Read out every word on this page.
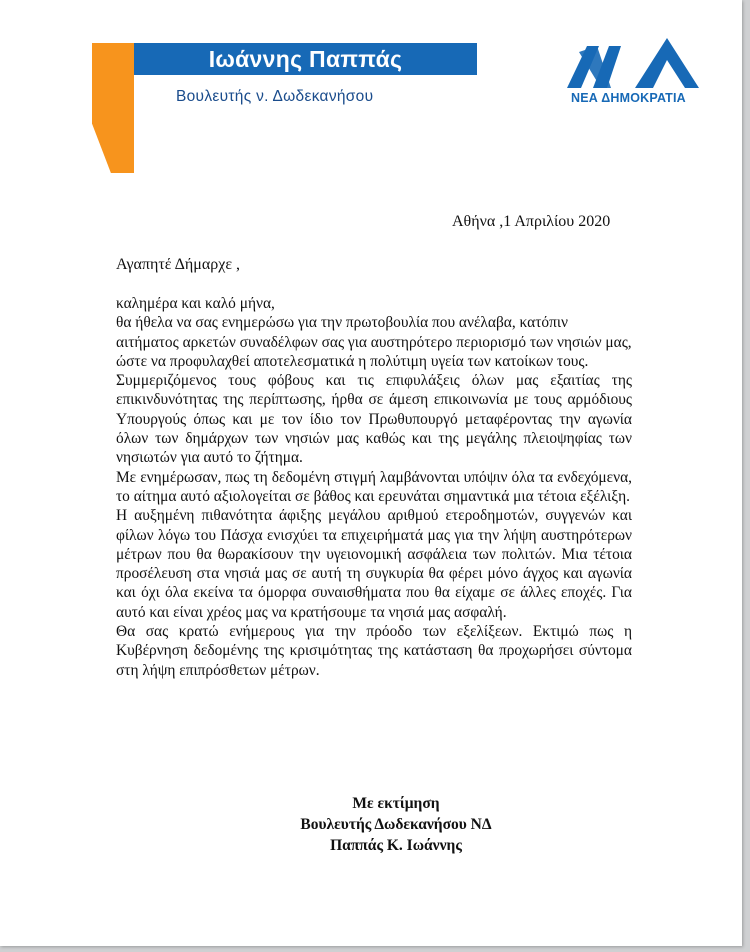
Ιωάννης Παππάς
Βουλευτής ν. Δωδεκανήσου	ΝΕΑ ΔΗΜΟΚΡΑΤΙΑ
Αθήνα ,1 Απριλίου 2020
Αγαπητέ Δήμαρχε ,

καλημέρα και καλό μήνα,

θα ήθελα να σας ενημερώσω για την πρωτοβουλία που ανέλαβα, κατόπιν αιτήματος αρκετών συναδέλφων σας για αυστηρότερο περιορισμό των νησιών μας, ώστε να προφυλαχθεί αποτελεσματικά η πολύτιμη υγεία των κατοίκων τους.

Συμμεριζόμενος τους φόβους και τις επιφυλάξεις όλων μας εξαιτίας της επικινδυνότητας της περίπτωσης, ήρθα σε άμεση επικοινωνία με τους αρμόδιους Υπουργούς όπως και με τον ίδιο τον Πρωθυπουργό μεταφέροντας την αγωνία όλων των δημάρχων των νησιών μας καθώς και της μεγάλης πλειοψηφίας των νησιωτών για αυτό το ζήτημα.

Με ενημέρωσαν, πως τη δεδομένη στιγμή λαμβάνονται υπόψιν όλα τα ενδεχόμενα, το αίτημα αυτό αξιολογείται σε βάθος και ερευνάται σημαντικά μια τέτοια εξέλιξη.

Η αυξημένη πιθανότητα άφιξης μεγάλου αριθμού ετεροδημοτών, συγγενών και φίλων λόγω του Πάσχα ενισχύει τα επιχειρήματά μας για την λήψη αυστηρότερων μέτρων που θα θωρακίσουν την υγειονομική ασφάλεια των πολιτών. Μια τέτοια προσέλευση στα νησιά μας σε αυτή τη συγκυρία θα φέρει μόνο άγχος και αγωνία και όχι όλα εκείνα τα όμορφα συναισθήματα που θα είχαμε σε άλλες εποχές. Για αυτό και είναι χρέος μας να κρατήσουμε τα νησιά μας ασφαλή.

Θα σας κρατώ ενήμερους για την πρόοδο των εξελίξεων. Εκτιμώ πως η Κυβέρνηση δεδομένης της κρισιμότητας της κατάσταση θα προχωρήσει σύντομα στη λήψη επιπρόσθετων μέτρων.

Με εκτίμηση
Βουλευτής Δωδεκανήσου ΝΔ
Παππάς Κ. Ιωάννης
